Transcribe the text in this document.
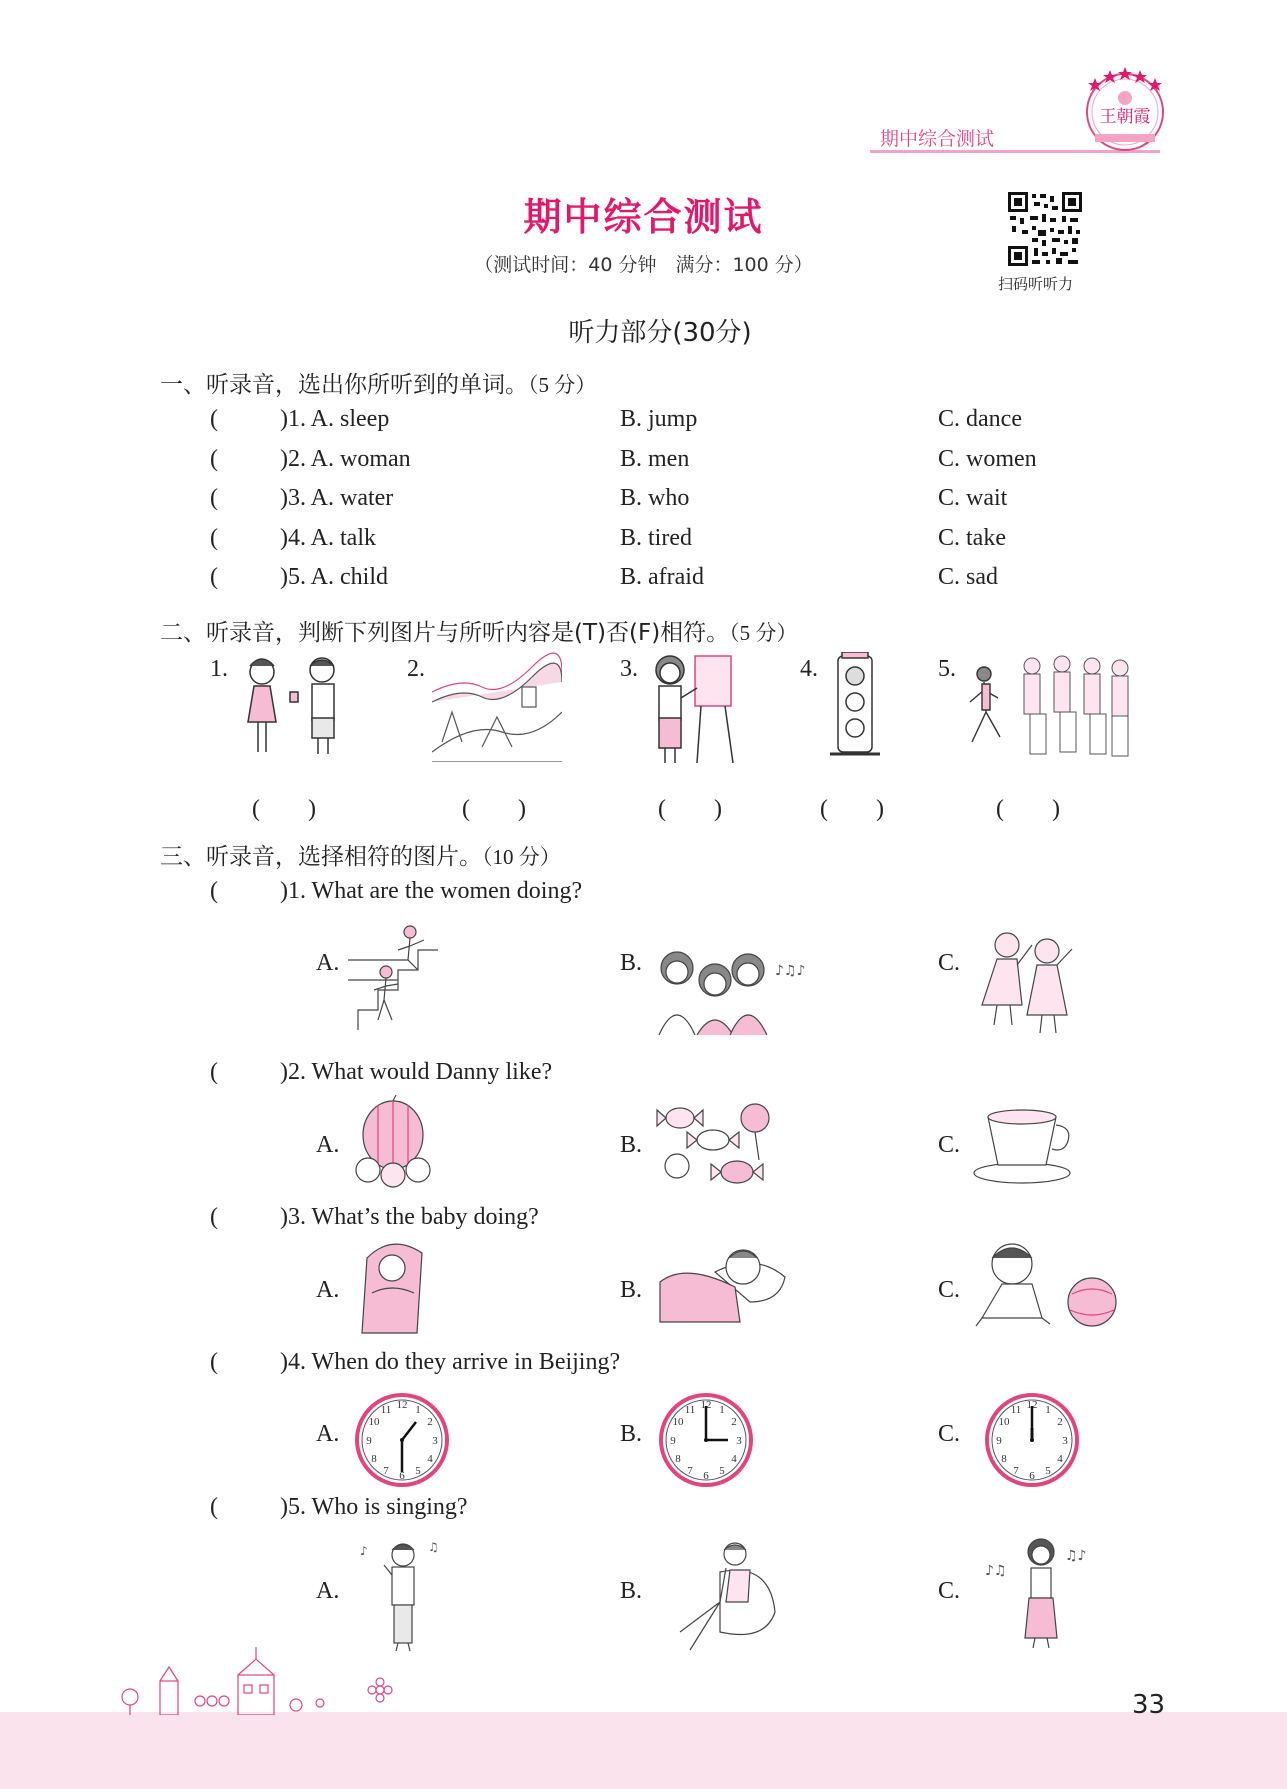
期中综合测试
王朝霞
期中综合测试
（测试时间：40 分钟　满分：100 分）
扫码听听力
听力部分(30分)
一、听录音，选出你所听到的单词。（5 分）
(	)1. A. sleep	B. jump	C. dance
(	)2. A. woman	B. men	C. women
(	)3. A. water	B. who	C. wait
(	)4. A. talk	B. tired	C. take
(	)5. A. child	B. afraid	C. sad
二、听录音，判断下列图片与所听内容是(T)否(F)相符。（5 分）
1.	2.	3.	4.	5.
(　　)	(　　)	(　　)	(　　)	(　　)
三、听录音，选择相符的图片。（10 分）
(	)1. What are the women doing?
A.	B.	♪♫♪	C.
(	)2. What would Danny like?
A.	B.	C.
(	)3. What’s the baby doing?
A.	B.	C.
(	)4. When do they arrive in Beijing?
A.
12 1
2
3
4
5
6
7
8
9
10
11
B.
12 1
2
3
4
5
6
7
8
9
10
11
C.
12 1
2
3
4
5
6
7
8
9
10
11
(	)5. Who is singing?
A.
♪	♫
B.	C.
♪♫
♫♪
33
